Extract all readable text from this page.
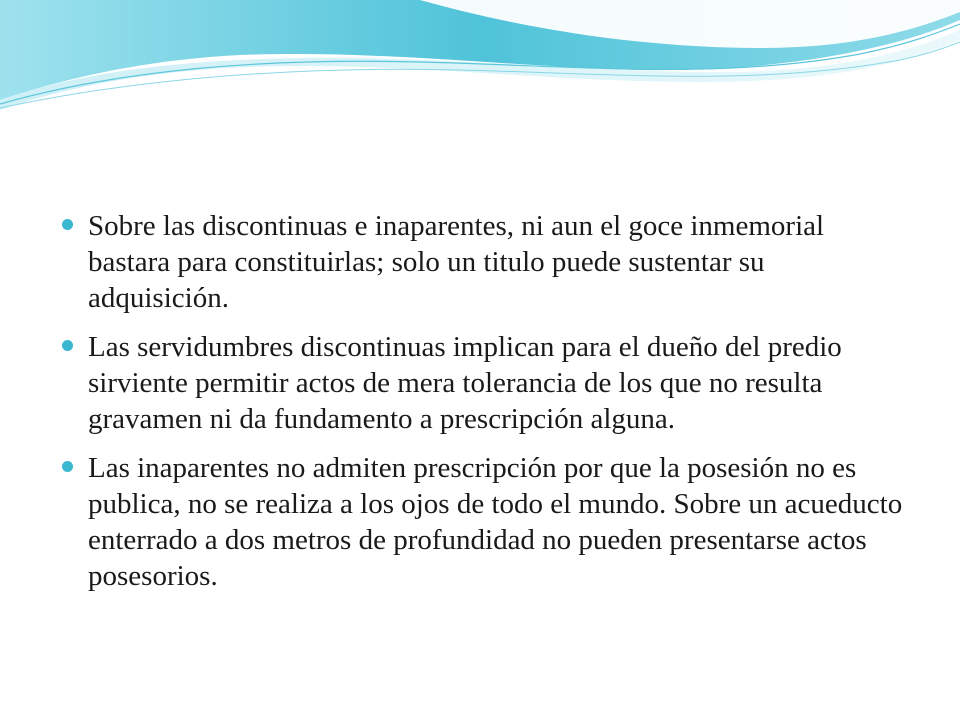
Sobre las discontinuas e inaparentes, ni aun el goce inmemorial bastara para constituirlas; solo un titulo puede sustentar su adquisición.
Las servidumbres discontinuas implican para el dueño del predio sirviente permitir actos de mera tolerancia de los que no resulta gravamen ni da fundamento a prescripción alguna.
Las inaparentes no admiten prescripción por que la posesión no es publica, no se realiza a los ojos de todo el mundo. Sobre un acueducto enterrado a dos metros de profundidad no pueden presentarse actos posesorios.
